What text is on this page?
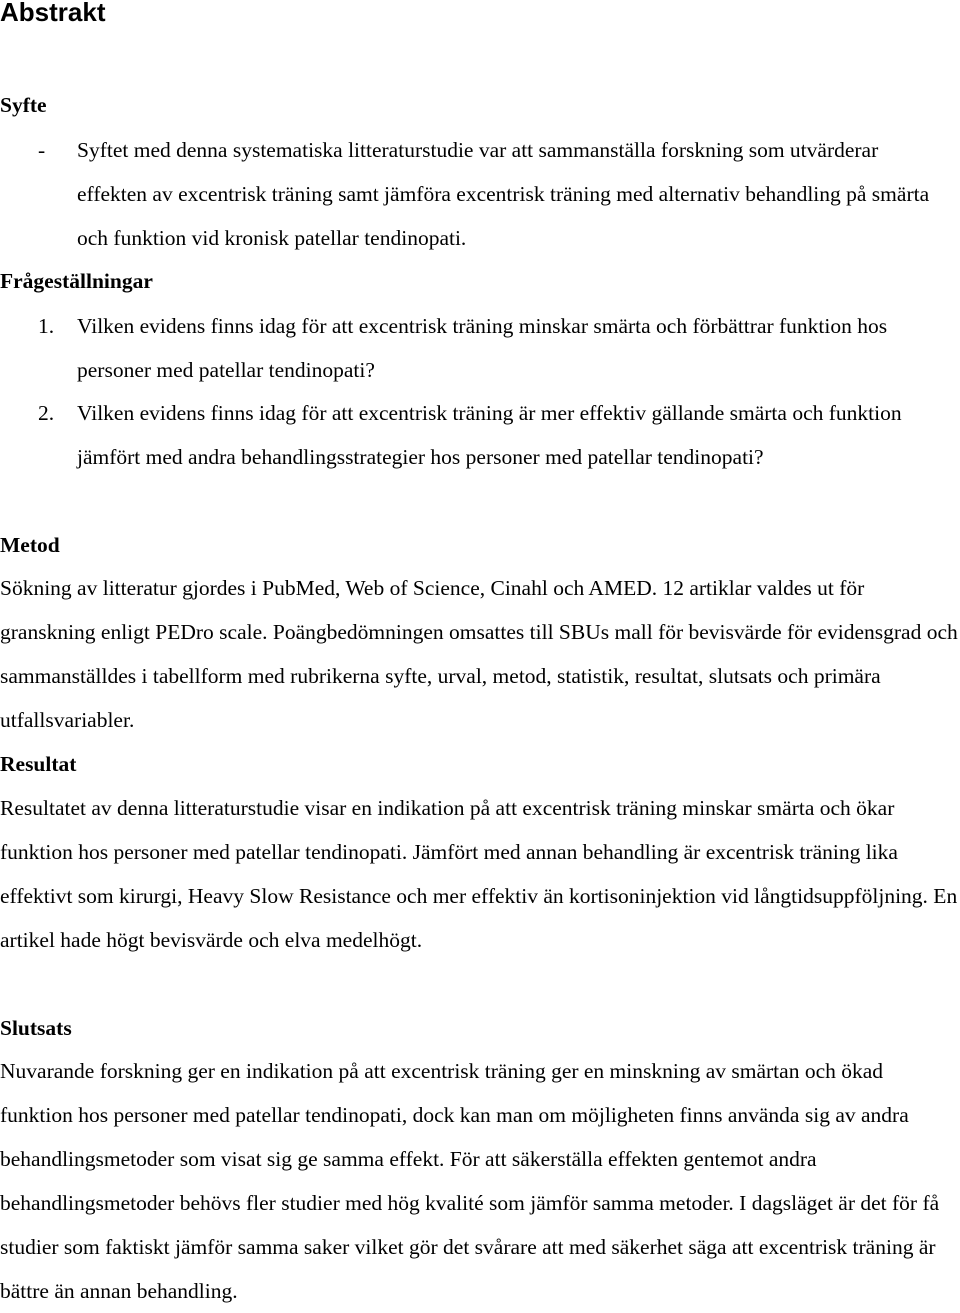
Abstrakt
Syfte
- Syftet med denna systematiska litteraturstudie var att sammanställa forskning som utvärderar effekten av excentrisk träning samt jämföra excentrisk träning med alternativ behandling på smärta och funktion vid kronisk patellar tendinopati.

Frågeställningar
1. Vilken evidens finns idag för att excentrisk träning minskar smärta och förbättrar funktion hos personer med patellar tendinopati?

2. Vilken evidens finns idag för att excentrisk träning är mer effektiv gällande smärta och funktion jämfört med andra behandlingsstrategier hos personer med patellar tendinopati?

Metod

Sökning av litteratur gjordes i PubMed, Web of Science, Cinahl och AMED. 12 artiklar valdes ut för granskning enligt PEDro scale. Poängbedömningen omsattes till SBUs mall för bevisvärde för evidensgrad och sammanställdes i tabellform med rubrikerna syfte, urval, metod, statistik, resultat, slutsats och primära utfallsvariabler.

Resultat

Resultatet av denna litteraturstudie visar en indikation på att excentrisk träning minskar smärta och ökar funktion hos personer med patellar tendinopati. Jämfört med annan behandling är excentrisk träning lika effektivt som kirurgi, Heavy Slow Resistance och mer effektiv än kortisoninjektion vid långtidsuppföljning. En artikel hade högt bevisvärde och elva medelhögt.

Slutsats

Nuvarande forskning ger en indikation på att excentrisk träning ger en minskning av smärtan och ökad funktion hos personer med patellar tendinopati, dock kan man om möjligheten finns använda sig av andra behandlingsmetoder som visat sig ge samma effekt. För att säkerställa effekten gentemot andra behandlingsmetoder behövs fler studier med hög kvalité som jämför samma metoder. I dagsläget är det för få studier som faktiskt jämför samma saker vilket gör det svårare att med säkerhet säga att excentrisk träning är bättre än annan behandling.
